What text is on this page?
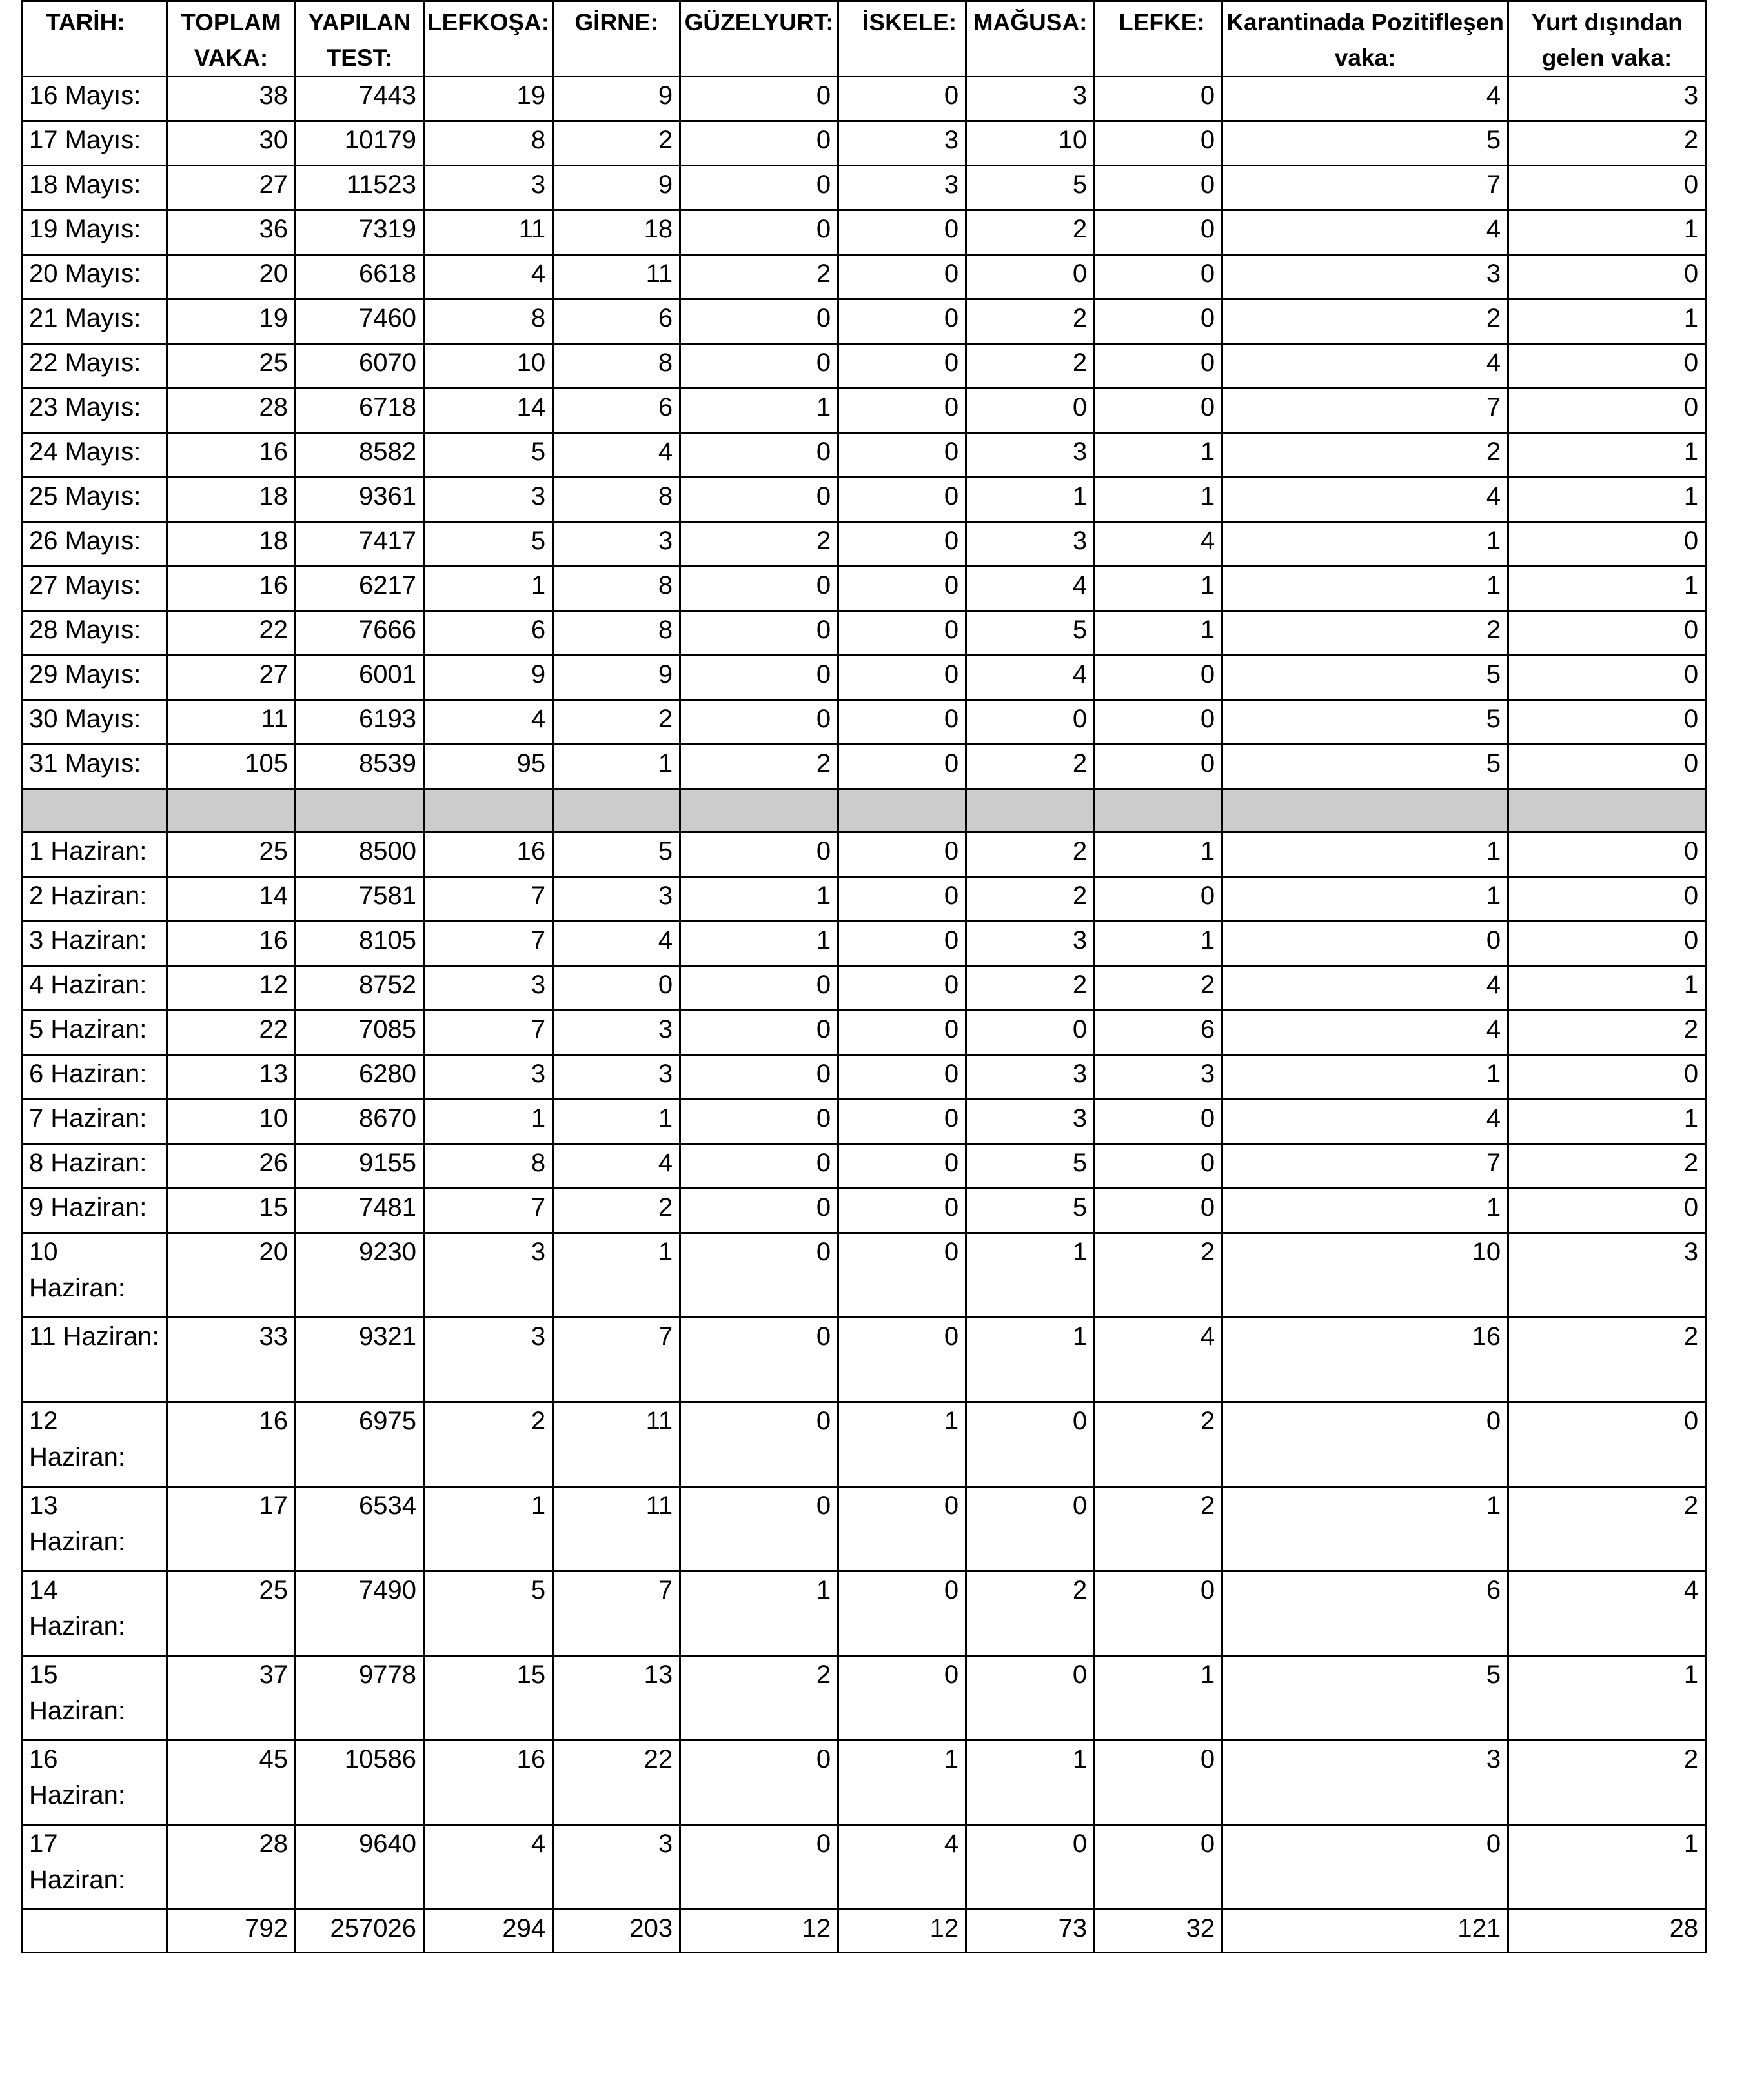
TARİH:	TOPLAM VAKA:	YAPILAN TEST:	LEFKOŞA:	GİRNE:	GÜZELYURT:	İSKELE:	MAĞUSA:	LEFKE:	Karantinada Pozitifleşen vaka:	Yurt dışından gelen vaka:
16 Mayıs:	38	7443	19	9	0	0	3	0	4	3
17 Mayıs:	30	10179	8	2	0	3	10	0	5	2
18 Mayıs:	27	11523	3	9	0	3	5	0	7	0
19 Mayıs:	36	7319	11	18	0	0	2	0	4	1
20 Mayıs:	20	6618	4	11	2	0	0	0	3	0
21 Mayıs:	19	7460	8	6	0	0	2	0	2	1
22 Mayıs:	25	6070	10	8	0	0	2	0	4	0
23 Mayıs:	28	6718	14	6	1	0	0	0	7	0
24 Mayıs:	16	8582	5	4	0	0	3	1	2	1
25 Mayıs:	18	9361	3	8	0	0	1	1	4	1
26 Mayıs:	18	7417	5	3	2	0	3	4	1	0
27 Mayıs:	16	6217	1	8	0	0	4	1	1	1
28 Mayıs:	22	7666	6	8	0	0	5	1	2	0
29 Mayıs:	27	6001	9	9	0	0	4	0	5	0
30 Mayıs:	11	6193	4	2	0	0	0	0	5	0
31 Mayıs:	105	8539	95	1	2	0	2	0	5	0

1 Haziran:	25	8500	16	5	0	0	2	1	1	0
2 Haziran:	14	7581	7	3	1	0	2	0	1	0
3 Haziran:	16	8105	7	4	1	0	3	1	0	0
4 Haziran:	12	8752	3	0	0	0	2	2	4	1
5 Haziran:	22	7085	7	3	0	0	0	6	4	2
6 Haziran:	13	6280	3	3	0	0	3	3	1	0
7 Haziran:	10	8670	1	1	0	0	3	0	4	1
8 Haziran:	26	9155	8	4	0	0	5	0	7	2
9 Haziran:	15	7481	7	2	0	0	5	0	1	0
10 Haziran:	20	9230	3	1	0	0	1	2	10	3
11 Haziran:	33	9321	3	7	0	0	1	4	16	2
12 Haziran:	16	6975	2	11	0	1	0	2	0	0
13 Haziran:	17	6534	1	11	0	0	0	2	1	2
14 Haziran:	25	7490	5	7	1	0	2	0	6	4
15 Haziran:	37	9778	15	13	2	0	0	1	5	1
16 Haziran:	45	10586	16	22	0	1	1	0	3	2
17 Haziran:	28	9640	4	3	0	4	0	0	0	1
	792	257026	294	203	12	12	73	32	121	28
